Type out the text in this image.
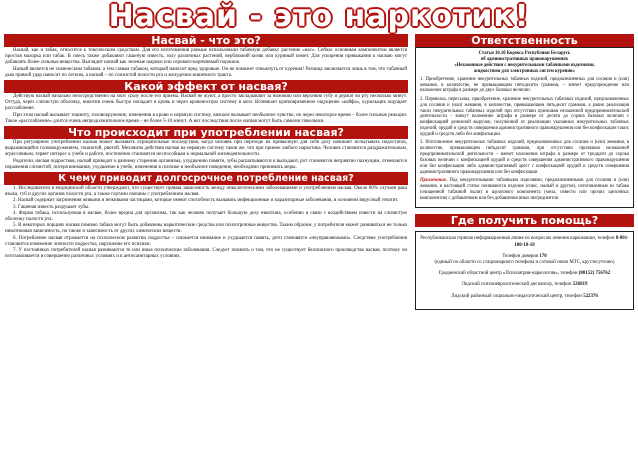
Насвай - это наркотик!
Насвай - что это?

Насвай, как и табак, относится к токсическим средствам. Для его изготовления раньше использовали табачную добавку растение «нас». Сейчас основным компонентом является простая махорка или табак. В смесь также добавляют гашеную известь, золу различных растений, верблюжий кизяк или куриный помет. Для ускорения привыкания к насваю могут добавлять более сильные вещества. Выглядит насвай как зеленые шарики или серовато-коричневый порошок.

Насвай является не химическим табаком, а тем самым табаком, который наносит вред здоровью. Он не поможет отвыкнуть от курения! Разница заключается лишь в том, что табачный дым прямой удар наносит по легким, а насвай – по слизистой полости рта и желудочно-кишечного тракта.

Какой эффект от насвая?

Действую насвай начально непосредственно на мозг сразу после его приема. Насвай не жуют, а просто закладывают за нижнюю или верхнюю губу и держат во рту несколько минут. Оттуда, через слизистую оболочку, никотин очень быстро попадает в кровь и через кровеносную систему в мозг. Возникает кратковременное ощущение «кайфа», курильщик ощущает расслабление.

При этом насвай вызывает тошноту, головокружение, изменения в крови и нервную систему, вначале вызывает необычное чувство, но через некоторое время – более сильные реакции. Такое «расслабление» длится очень непродолжительное время – не более 5-10 минут. А вот последствия после насвая могут быть самыми тяжелыми.

Что происходит при употреблении насвая?

При регулярном употреблении насвая может вызывать отрицательные последствия, когда человек при переходе на привычную для себя дозу начинает испытывать недостаток, выражающийся головокружением, тошнотой, рвотой. Механизм действия насвая на нервную систему таков же, что при приеме любого наркотика. Человек становится раздражительным, агрессивным, теряет интерес к учебе и работе, постепенно становится неспособным к нормальной жизнедеятельности.

Родители, насвая подростков, насвай приводит к раннему старению организма, ухудшению памяти, зубы расшатываются и выпадают, рот становится неприятно пахнущим, отмечаются поражения слизистой, потеря внимания, ухудшение в учебе, изменения в психике и необычное поведение, необходимо принимать меры.

К чему приводит долгосрочное потребление насвая?

1. Исследователи в медицинской области утверждают, что существует прямая зависимость между онкологическими заболеваниями и употреблением насвая. Около 80% случаев рака языка, губ и других органов полости рта, а также гортани связаны с употреблением насвая.

2. Насвай содержит загрязнения живыми и неживыми частицами, которые имеют способность вызывать инфекционные и паразитарные заболевания, в основном вирусный гепатит.

3. Гашеная известь разрушает зубы.

4. Форма табака, используемая в насвае, более вредна для организма, так как человек получает большую дозу никотина, особенно в связи с воздействием извести на слизистую оболочку полости рта.

5. В некоторых порциях насвая помимо табака могут быть добавлены наркотические средства или психотропные вещества. Таким образом, у потребителя может развиваться не только никотиновая зависимость, но также и зависимость от других химических веществ.

6. Потребление насвая отражается на психическом развитии подростка – снижается внимание и ухудшается память, дети становятся «неуправляемыми». Следствие употребления становится изменение личности подростка, нарушение его психики.

7. У постоянных потребителей насвая развиваются те или иные психические заболевания. Следует помнить о том, что не существует безопасного производства насвая, поэтому он изготавливается в совершенно различных условиях и в антисанитарных условиях.

Ответственность
Статья 16.10 Кодекса Республики Беларусь
об административных правонарушениях
«Незаконные действия с некурительными табачными изделиями,
жидкостями для электронных систем курения»

1. Приобретение, хранение некурительных табачных изделий, предназначенных для сосания и (или) жевания, в количестве, не превышающем пятидесяти граммов, – влечет предупреждение или наложение штрафа в размере до двух базовых величин.

2. Перевозка, пересылка, приобретение, хранение некурительных табачных изделий, предназначенных для сосания и (или) жевания, в количестве, превышающем пятьдесят граммов, а равно реализация таких некурительных табачных изделий при отсутствии признаков незаконной предпринимательской деятельности – влекут наложение штрафа в размере от десяти до сорока базовых величин с конфискацией денежной выручки, полученной от реализации указанных некурительных табачных изделий, орудий и средств совершения административного правонарушения или без конфискации таких орудий и средств либо без конфискации.

3. Изготовление некурительных табачных изделий, предназначенных для сосания и (или) жевания, в количестве, превышающем пятьдесят граммов, при отсутствии признаков незаконной предпринимательской деятельности – влечет наложение штрафа в размере от тридцати до сорока базовых величин с конфискацией орудий и средств совершения административного правонарушения или без конфискации либо административный арест с конфискацией орудий и средств совершения административного правонарушения или без конфискации.

Примечание. Под некурительными табачными изделиями, предназначенными для сосания и (или) жевания, в настоящей статье понимаются изделия (снюс, насвай и другие), изготовленные из табака (очищенной табачной пыли) и щелочного компонента (мела, извести или прочих щелочных компонентов) с добавлением или без добавления иных ингредиентов.

Где получить помощь?

Республиканская горячая информационная линия по вопросам лечения наркомании, телефон 8-801-100-18-18

Телефон доверия 170
(единый по области со стационарного телефона и сотовой связи МТС, круглосуточно)

Гродненский областной центр «Психиатрия-наркология», телефон (80152) 756762

Лидский психоневрологический диспансер, телефон 526819

Лидский районный социально-педагогический центр, телефон 522376
